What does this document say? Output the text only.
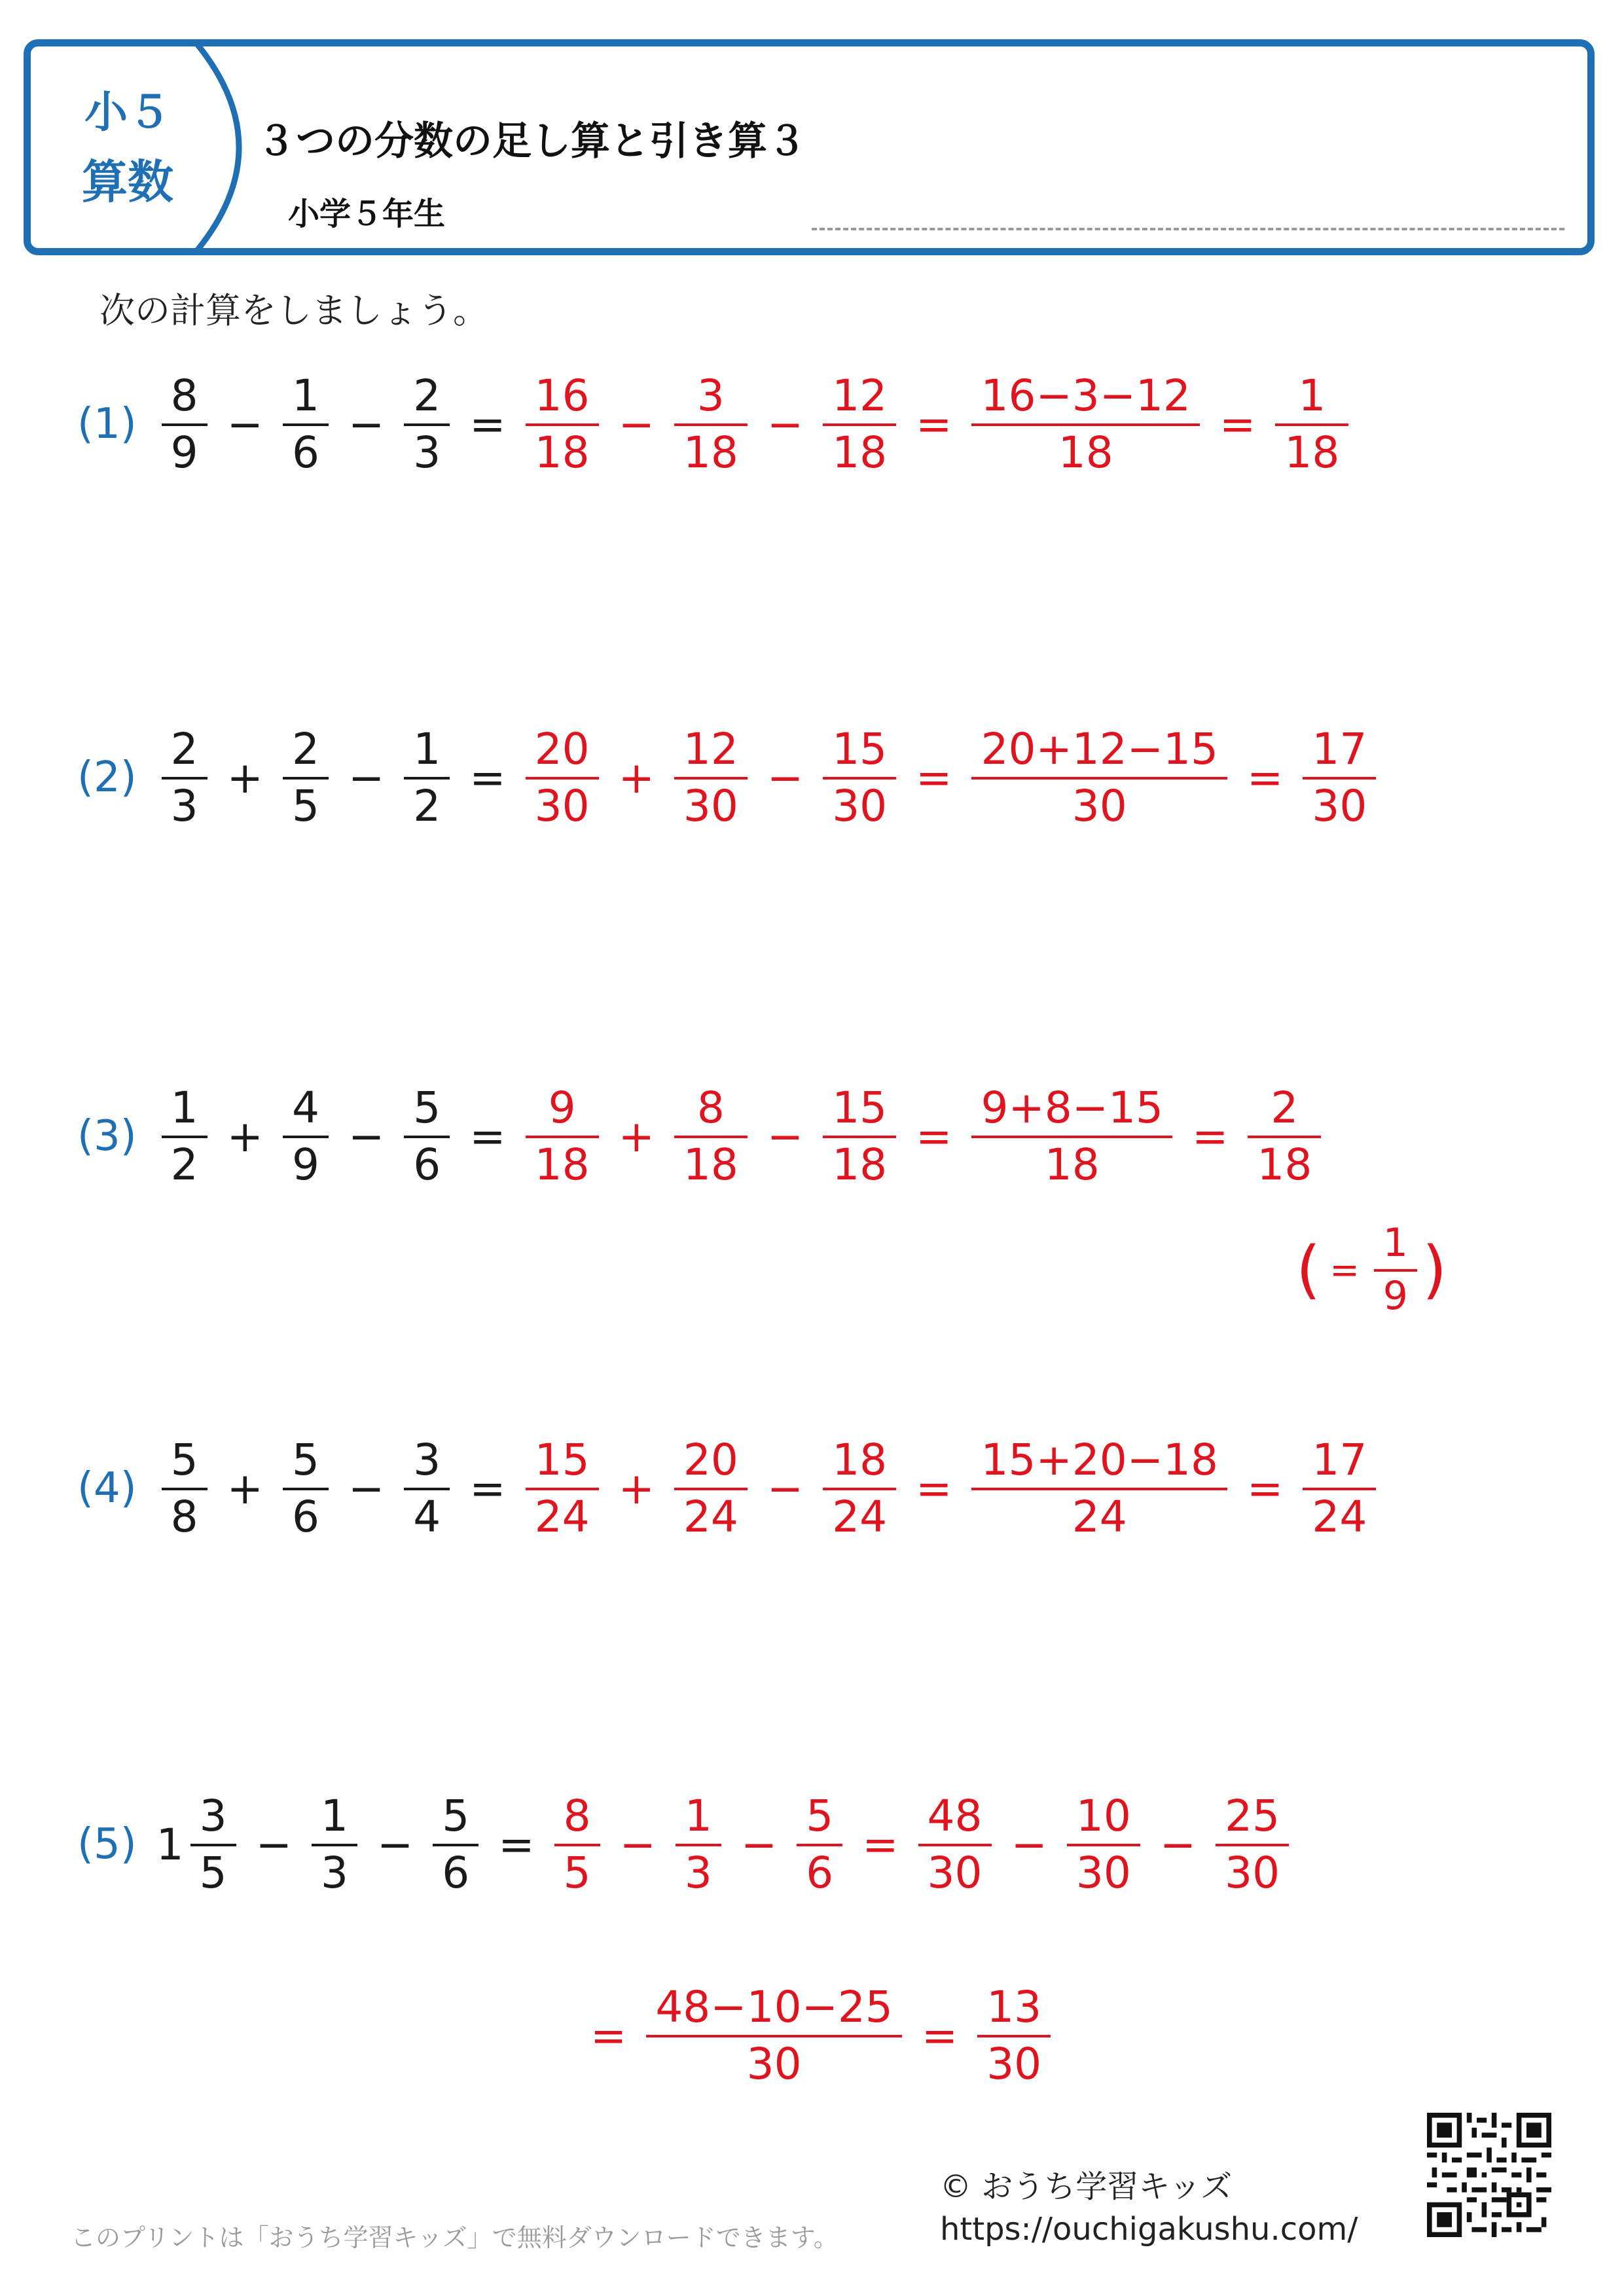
小５
算数
３つの分数の足し算と引き算３
小学５年生
次の計算をしましょう。
$(1) \frac{8}{9} - \frac{1}{6} - \frac{2}{3} = \frac{16}{18} - \frac{3}{18} - \frac{12}{18} = \frac{16-3-12}{18} = \frac{1}{18}$
$(2) \frac{2}{3} + \frac{2}{5} - \frac{1}{2} = \frac{20}{30} + \frac{12}{30} - \frac{15}{30} = \frac{20+12-15}{30} = \frac{17}{30}$
$(3) \frac{1}{2} + \frac{4}{9} - \frac{5}{6} = \frac{9}{18} + \frac{8}{18} - \frac{15}{18} = \frac{9+8-15}{18} = \frac{2}{18}$
( = $\frac{1}{9}$ )
$(4) \frac{5}{8} + \frac{5}{6} - \frac{3}{4} = \frac{15}{24} + \frac{20}{24} - \frac{18}{24} = \frac{15+20-18}{24} = \frac{17}{24}$
(5) $1 \frac{3}{5} - \frac{1}{3} - \frac{5}{6} = \frac{8}{5} - \frac{1}{3} - \frac{5}{6} = \frac{48}{30} - \frac{10}{30} - \frac{25}{30}$
= $\frac{48-10-25}{30} = \frac{13}{30}$
© おうち学習キッズ
https://ouchigakushu.com/
このプリントは「おうち学習キッズ」で無料ダウンロードできます。
